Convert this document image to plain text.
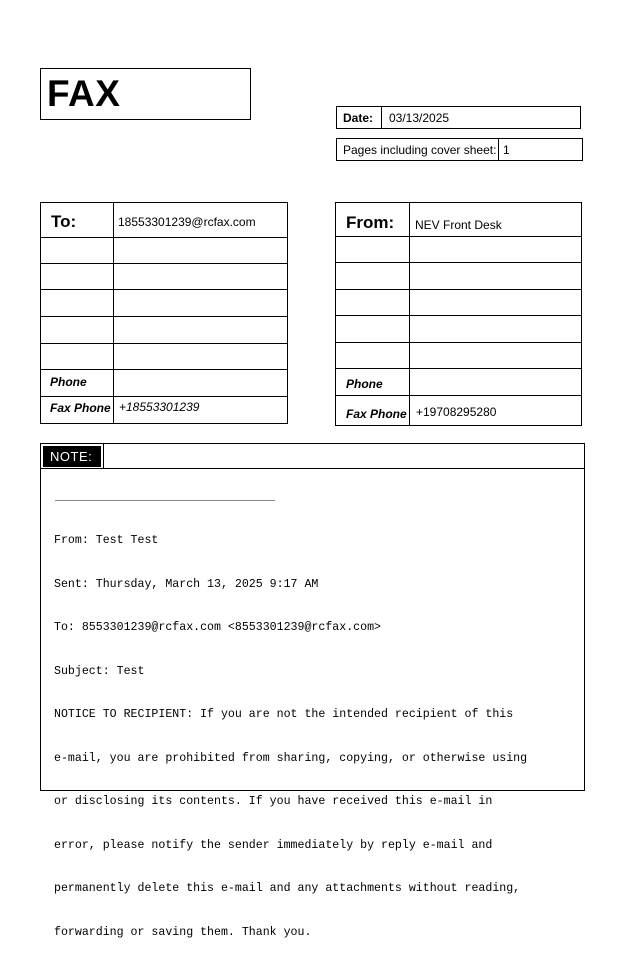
FAX
Date:	03/13/2025
Pages including cover sheet: 1
To:	18553301239@rcfax.com
Phone
Fax Phone +18553301239
From: NEV Front Desk
Phone
Fax Phone +19708295280
NOTE:

From: Test Test

Sent: Thursday, March 13, 2025 9:17 AM

To: 8553301239@rcfax.com <8553301239@rcfax.com>

Subject: Test

NOTICE TO RECIPIENT: If you are not the intended recipient of this

e-mail, you are prohibited from sharing, copying, or otherwise using

or disclosing its contents. If you have received this e-mail in

error, please notify the sender immediately by reply e-mail and

permanently delete this e-mail and any attachments without reading,

forwarding or saving them. Thank you.
